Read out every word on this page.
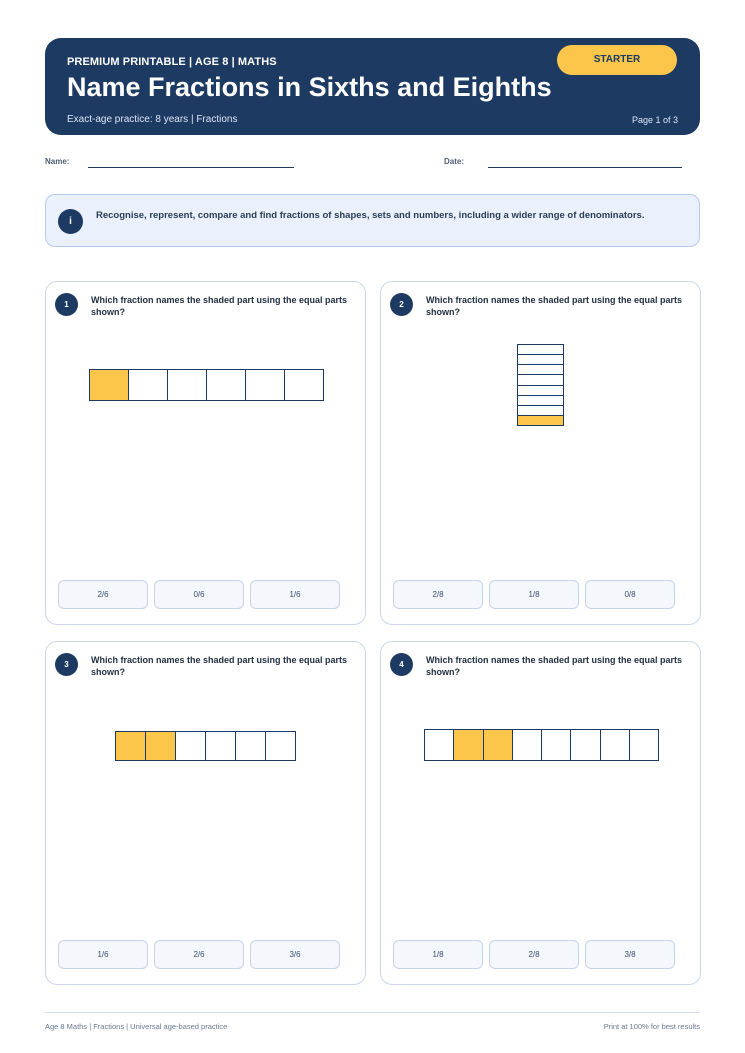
PREMIUM PRINTABLE | AGE 8 | MATHS
Name Fractions in Sixths and Eighths
Exact-age practice: 8 years | Fractions	Page 1 of 3
STARTER
Name:	Date:
i
Recognise, represent, compare and find fractions of shapes, sets and numbers, including a wider range of denominators.
1	Which fraction names the shaded part using the equal parts shown?
2/6	0/6	1/6
2	Which fraction names the shaded part using the equal parts shown?
2/8	1/8	0/8
3	Which fraction names the shaded part using the equal parts shown?
1/6	2/6	3/6
4	Which fraction names the shaded part using the equal parts shown?
1/8	2/8	3/8
Age 8 Maths | Fractions | Universal age-based practice	Print at 100% for best results
